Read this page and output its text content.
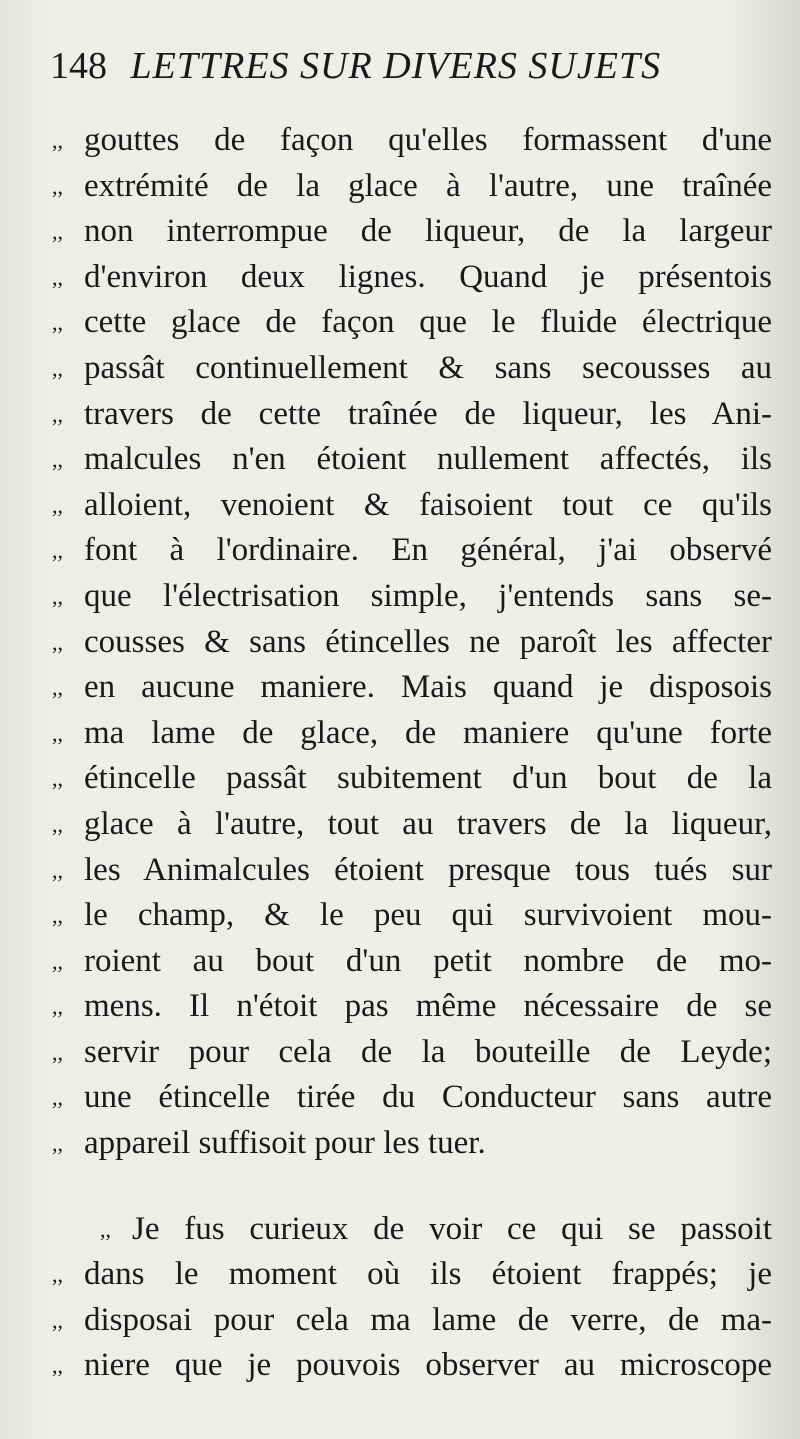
148 LETTRES SUR DIVERS SUJETS
,, gouttes de façon qu'elles formassent d'une
,, extrémité de la glace à l'autre, une traînée
,, non interrompue de liqueur, de la largeur
,, d'environ deux lignes. Quand je présentois
,, cette glace de façon que le fluide électrique
,, passât continuellement & sans secousses au
,, travers de cette traînée de liqueur, les Ani-
,, malcules n'en étoient nullement affectés, ils
,, alloient, venoient & faisoient tout ce qu'ils
,, font à l'ordinaire. En général, j'ai observé
,, que l'électrisation simple, j'entends sans se-
,, cousses & sans étincelles ne paroît les affecter
,, en aucune maniere. Mais quand je disposois
,, ma lame de glace, de maniere qu'une forte
,, étincelle passât subitement d'un bout de la
,, glace à l'autre, tout au travers de la liqueur,
,, les Animalcules étoient presque tous tués sur
,, le champ, & le peu qui survivoient mou-
,, roient au bout d'un petit nombre de mo-
,, mens. Il n'étoit pas même nécessaire de se
,, servir pour cela de la bouteille de Leyde;
,, une étincelle tirée du Conducteur sans autre
,, appareil suffisoit pour les tuer.
,, Je fus curieux de voir ce qui se passoit
,, dans le moment où ils étoient frappés; je
,, disposai pour cela ma lame de verre, de ma-
,, niere que je pouvois observer au microscope
